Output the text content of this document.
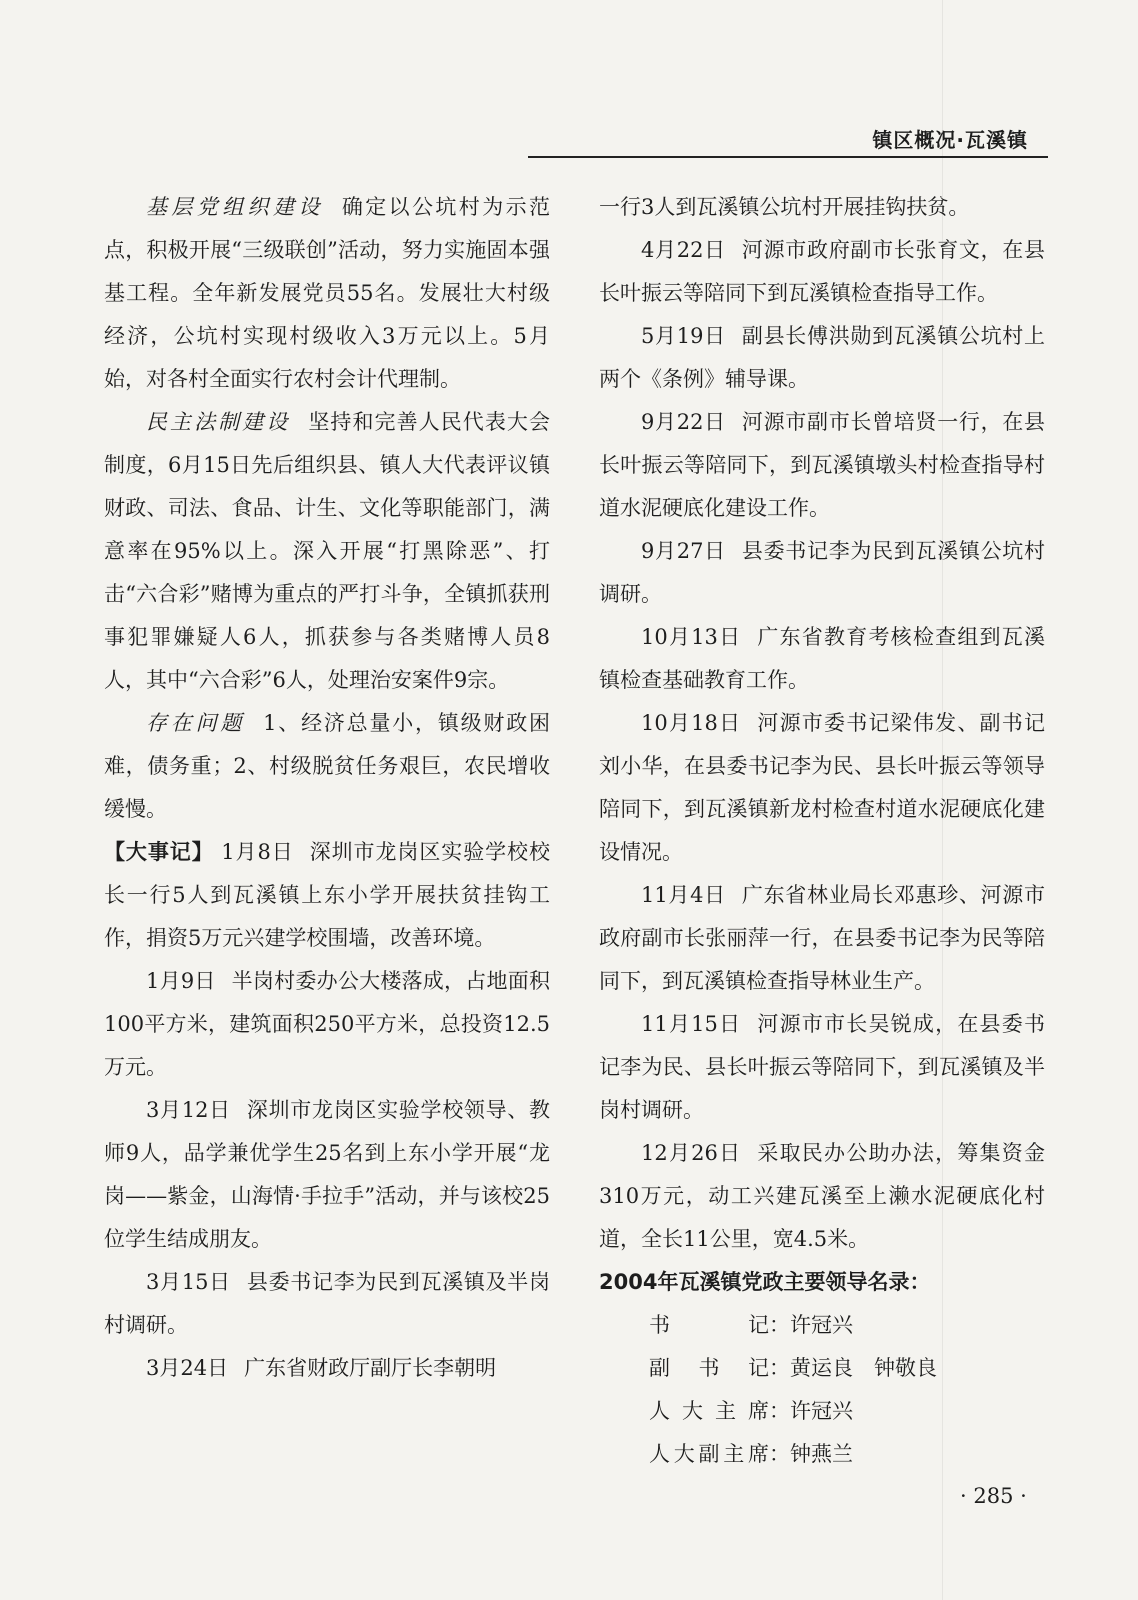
镇区概况·瓦溪镇

基层党组织建设 确定以公坑村为示范点，积极开展“三级联创”活动，努力实施固本强基工程。全年新发展党员55名。发展壮大村级经济，公坑村实现村级收入3万元以上。5月始，对各村全面实行农村会计代理制。

民主法制建设 坚持和完善人民代表大会制度，6月15日先后组织县、镇人大代表评议镇财政、司法、食品、计生、文化等职能部门，满意率在95%以上。深入开展“打黑除恶”、打击“六合彩”赌博为重点的严打斗争，全镇抓获刑事犯罪嫌疑人6人，抓获参与各类赌博人员8人，其中“六合彩”6人，处理治安案件9宗。

存在问题 1、经济总量小，镇级财政困难，债务重；2、村级脱贫任务艰巨，农民增收缓慢。

【大事记】 1月8日 深圳市龙岗区实验学校校长一行5人到瓦溪镇上东小学开展扶贫挂钩工作，捐资5万元兴建学校围墙，改善环境。

1月9日 半岗村委办公大楼落成，占地面积100平方米，建筑面积250平方米，总投资12.5万元。

3月12日 深圳市龙岗区实验学校领导、教师9人，品学兼优学生25名到上东小学开展“龙岗——紫金，山海情·手拉手”活动，并与该校25位学生结成朋友。

3月15日 县委书记李为民到瓦溪镇及半岗村调研。

3月24日 广东省财政厅副厅长李朝明

一行3人到瓦溪镇公坑村开展挂钩扶贫。

4月22日 河源市政府副市长张育文，在县长叶振云等陪同下到瓦溪镇检查指导工作。

5月19日 副县长傅洪勋到瓦溪镇公坑村上两个《条例》辅导课。

9月22日 河源市副市长曾培贤一行，在县长叶振云等陪同下，到瓦溪镇墩头村检查指导村道水泥硬底化建设工作。

9月27日 县委书记李为民到瓦溪镇公坑村调研。

10月13日 广东省教育考核检查组到瓦溪镇检查基础教育工作。

10月18日 河源市委书记梁伟发、副书记刘小华，在县委书记李为民、县长叶振云等领导陪同下，到瓦溪镇新龙村检查村道水泥硬底化建设情况。

11月4日 广东省林业局长邓惠珍、河源市政府副市长张丽萍一行，在县委书记李为民等陪同下，到瓦溪镇检查指导林业生产。

11月15日 河源市市长吴锐成，在县委书记李为民、县长叶振云等陪同下，到瓦溪镇及半岗村调研。

12月26日 采取民办公助办法，筹集资金310万元，动工兴建瓦溪至上濑水泥硬底化村道，全长11公里，宽4.5米。

2004年瓦溪镇党政主要领导名录：

书记 ： 许冠兴
副书记 ： 黄运良　钟敬良
人大主席 ： 许冠兴
人大副主席 ： 钟燕兰
· 285 ·
